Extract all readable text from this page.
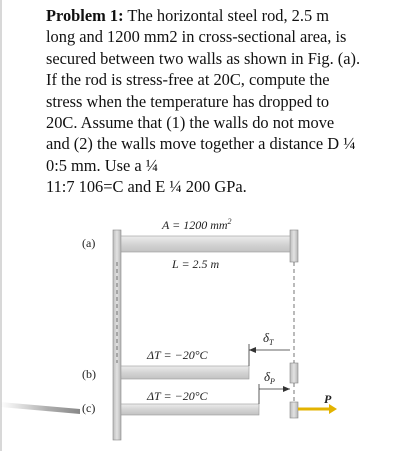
Problem 1: The horizontal steel rod, 2.5 m
long and 1200 mm2 in cross-sectional area, is
secured between two walls as shown in Fig. (a).
If the rod is stress-free at 20C, compute the
stress when the temperature has dropped to
20C. Assume that (1) the walls do not move
and (2) the walls move together a distance D ¼
0:5 mm. Use a ¼
11:7 106=C and E ¼ 200 GPa.
(a)
(b)
(c)
A = 1200 $mm^2$
L = 2.5 m
$\delta_T$
$\delta_P$
ΔT = −20°C
ΔT = −20°C	P
